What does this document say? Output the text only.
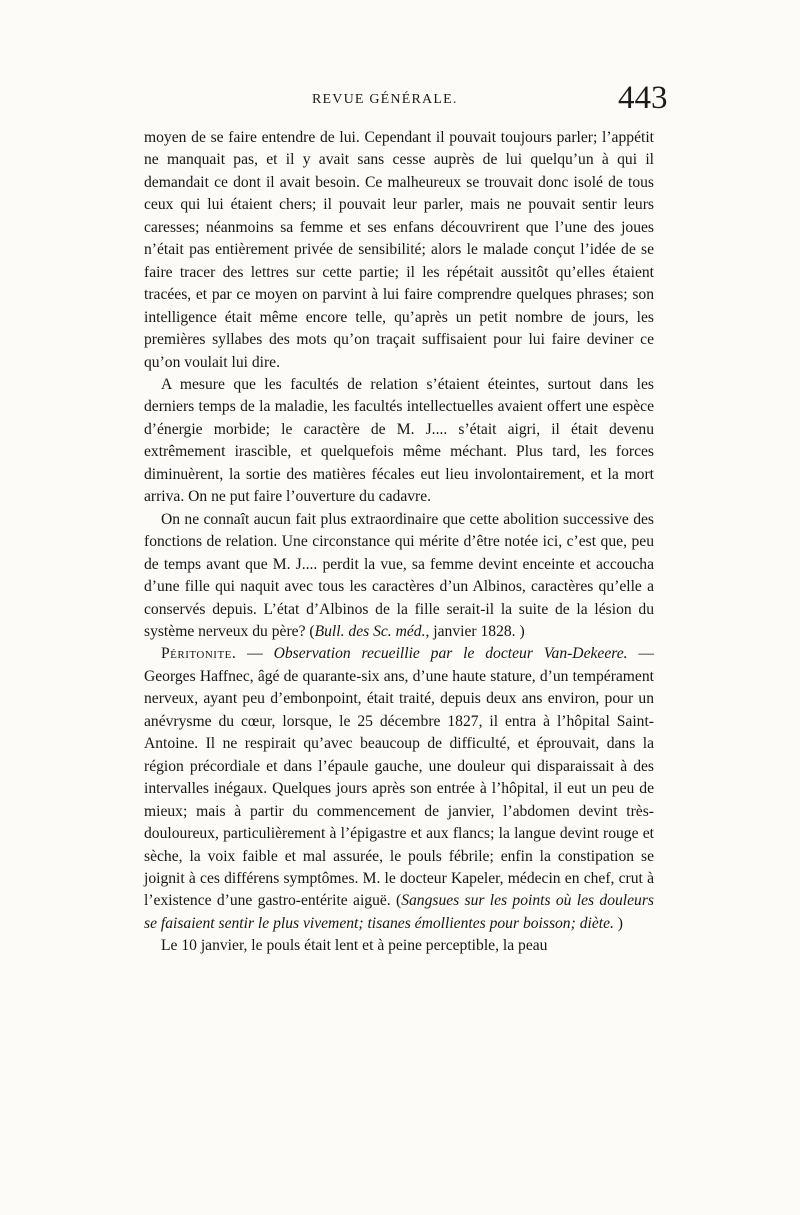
REVUE GÉNÉRALE.	443

moyen de se faire entendre de lui. Cependant il pouvait toujours parler; l’appétit ne manquait pas, et il y avait sans cesse auprès de lui quelqu’un à qui il demandait ce dont il avait besoin. Ce malheureux se trouvait donc isolé de tous ceux qui lui étaient chers; il pouvait leur parler, mais ne pouvait sentir leurs caresses; néanmoins sa femme et ses enfans découvrirent que l’une des joues n’était pas entièrement privée de sensibilité; alors le malade conçut l’idée de se faire tracer des lettres sur cette partie; il les répétait aussitôt qu’elles étaient tracées, et par ce moyen on parvint à lui faire comprendre quelques phrases; son intelligence était même encore telle, qu’après un petit nombre de jours, les premières syllabes des mots qu’on traçait suffisaient pour lui faire deviner ce qu’on voulait lui dire.

A mesure que les facultés de relation s’étaient éteintes, surtout dans les derniers temps de la maladie, les facultés intellectuelles avaient offert une espèce d’énergie morbide; le caractère de M. J.... s’était aigri, il était devenu extrêmement irascible, et quelquefois même méchant. Plus tard, les forces diminuèrent, la sortie des matières fécales eut lieu involontairement, et la mort arriva. On ne put faire l’ouverture du cadavre.

On ne connaît aucun fait plus extraordinaire que cette abolition successive des fonctions de relation. Une circonstance qui mérite d’être notée ici, c’est que, peu de temps avant que M. J.... perdit la vue, sa femme devint enceinte et accoucha d’une fille qui naquit avec tous les caractères d’un Albinos, caractères qu’elle a conservés depuis. L’état d’Albinos de la fille serait-il la suite de la lésion du système nerveux du père? (Bull. des Sc. méd., janvier 1828. )

Péritonite. — Observation recueillie par le docteur Van-Dekeere. — Georges Haffnec, âgé de quarante-six ans, d’une haute stature, d’un tempérament nerveux, ayant peu d’embonpoint, était traité, depuis deux ans environ, pour un anévrysme du cœur, lorsque, le 25 décembre 1827, il entra à l’hôpital Saint-Antoine. Il ne respirait qu’avec beaucoup de difficulté, et éprouvait, dans la région précordiale et dans l’épaule gauche, une douleur qui disparaissait à des intervalles inégaux. Quelques jours après son entrée à l’hôpital, il eut un peu de mieux; mais à partir du commencement de janvier, l’abdomen devint très-douloureux, particulièrement à l’épigastre et aux flancs; la langue devint rouge et sèche, la voix faible et mal assurée, le pouls fébrile; enfin la constipation se joignit à ces différens symptômes. M. le docteur Kapeler, médecin en chef, crut à l’existence d’une gastro-entérite aiguë. (Sangsues sur les points où les douleurs se faisaient sentir le plus vivement; tisanes émollientes pour boisson; diète. )

Le 10 janvier, le pouls était lent et à peine perceptible, la peau
